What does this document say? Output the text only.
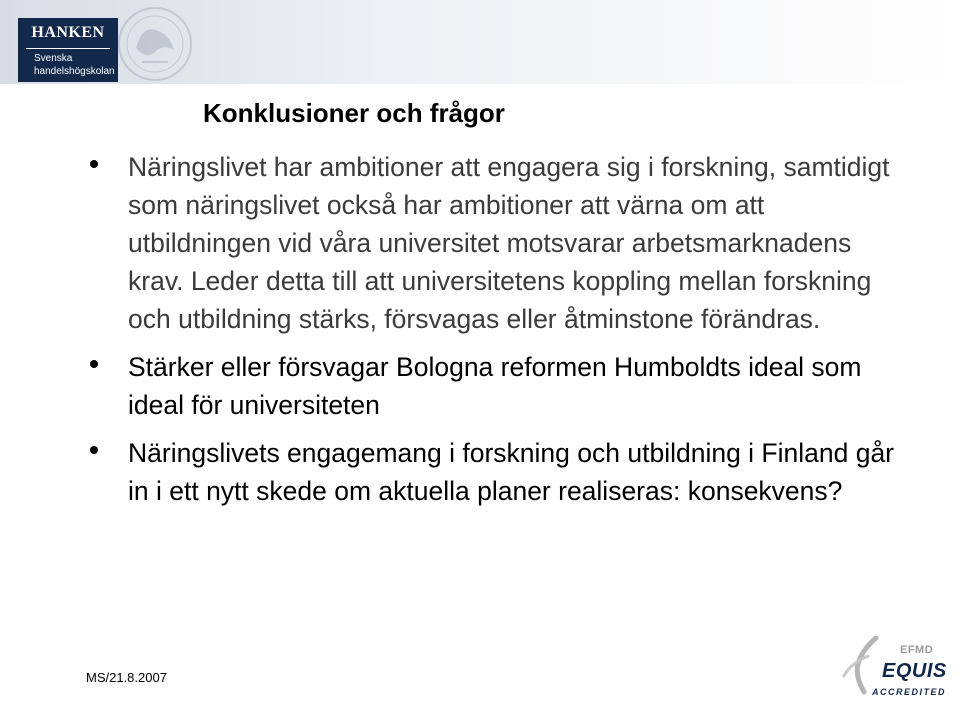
HANKEN
Svenska
handelshögskolan
Konklusioner och frågor
Näringslivet har ambitioner att engagera sig i forskning, samtidigt som näringslivet också har ambitioner att värna om att utbildningen vid våra universitet motsvarar arbetsmarknadens krav. Leder detta till att universitetens koppling mellan forskning och utbildning stärks, försvagas eller åtminstone förändras.
Stärker eller försvagar Bologna reformen Humboldts ideal som ideal för universiteten
Näringslivets engagemang i forskning och utbildning i Finland går in i ett nytt skede om aktuella planer realiseras: konsekvens?
MS/21.8.2007
EFMD
EQUIS
ACCREDITED
